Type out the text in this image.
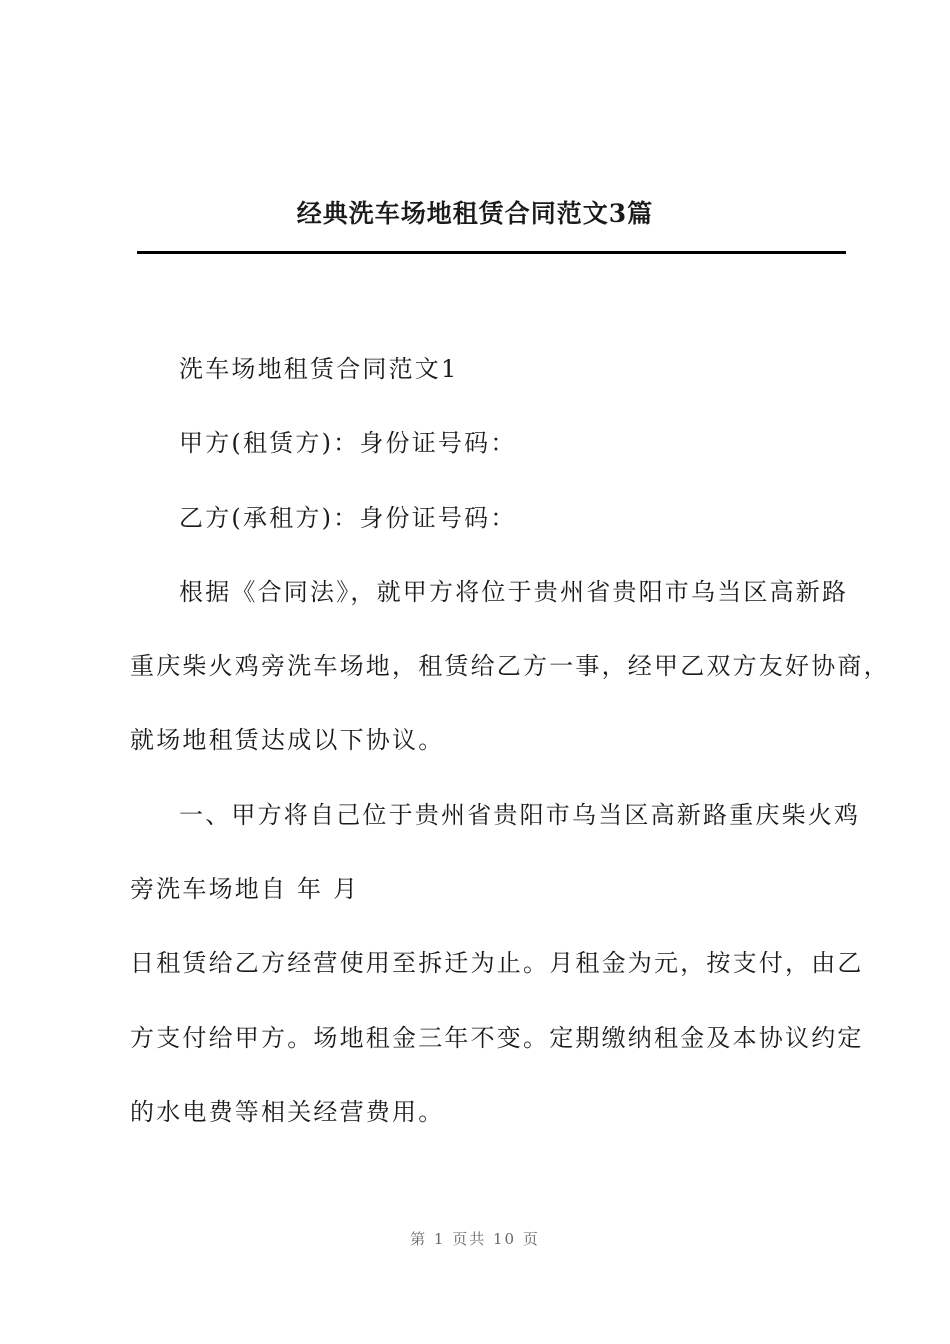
经典洗车场地租赁合同范文3篇
洗车场地租赁合同范文1
甲方(租赁方)：身份证号码：
乙方(承租方)：身份证号码：
根据《合同法》，就甲方将位于贵州省贵阳市乌当区高新路
重庆柴火鸡旁洗车场地，租赁给乙方一事，经甲乙双方友好协商，
就场地租赁达成以下协议。
一、甲方将自己位于贵州省贵阳市乌当区高新路重庆柴火鸡
旁洗车场地自 年 月
日租赁给乙方经营使用至拆迁为止。月租金为元，按支付，由乙
方支付给甲方。场地租金三年不变。定期缴纳租金及本协议约定
的水电费等相关经营费用。
第 1 页共 10 页
